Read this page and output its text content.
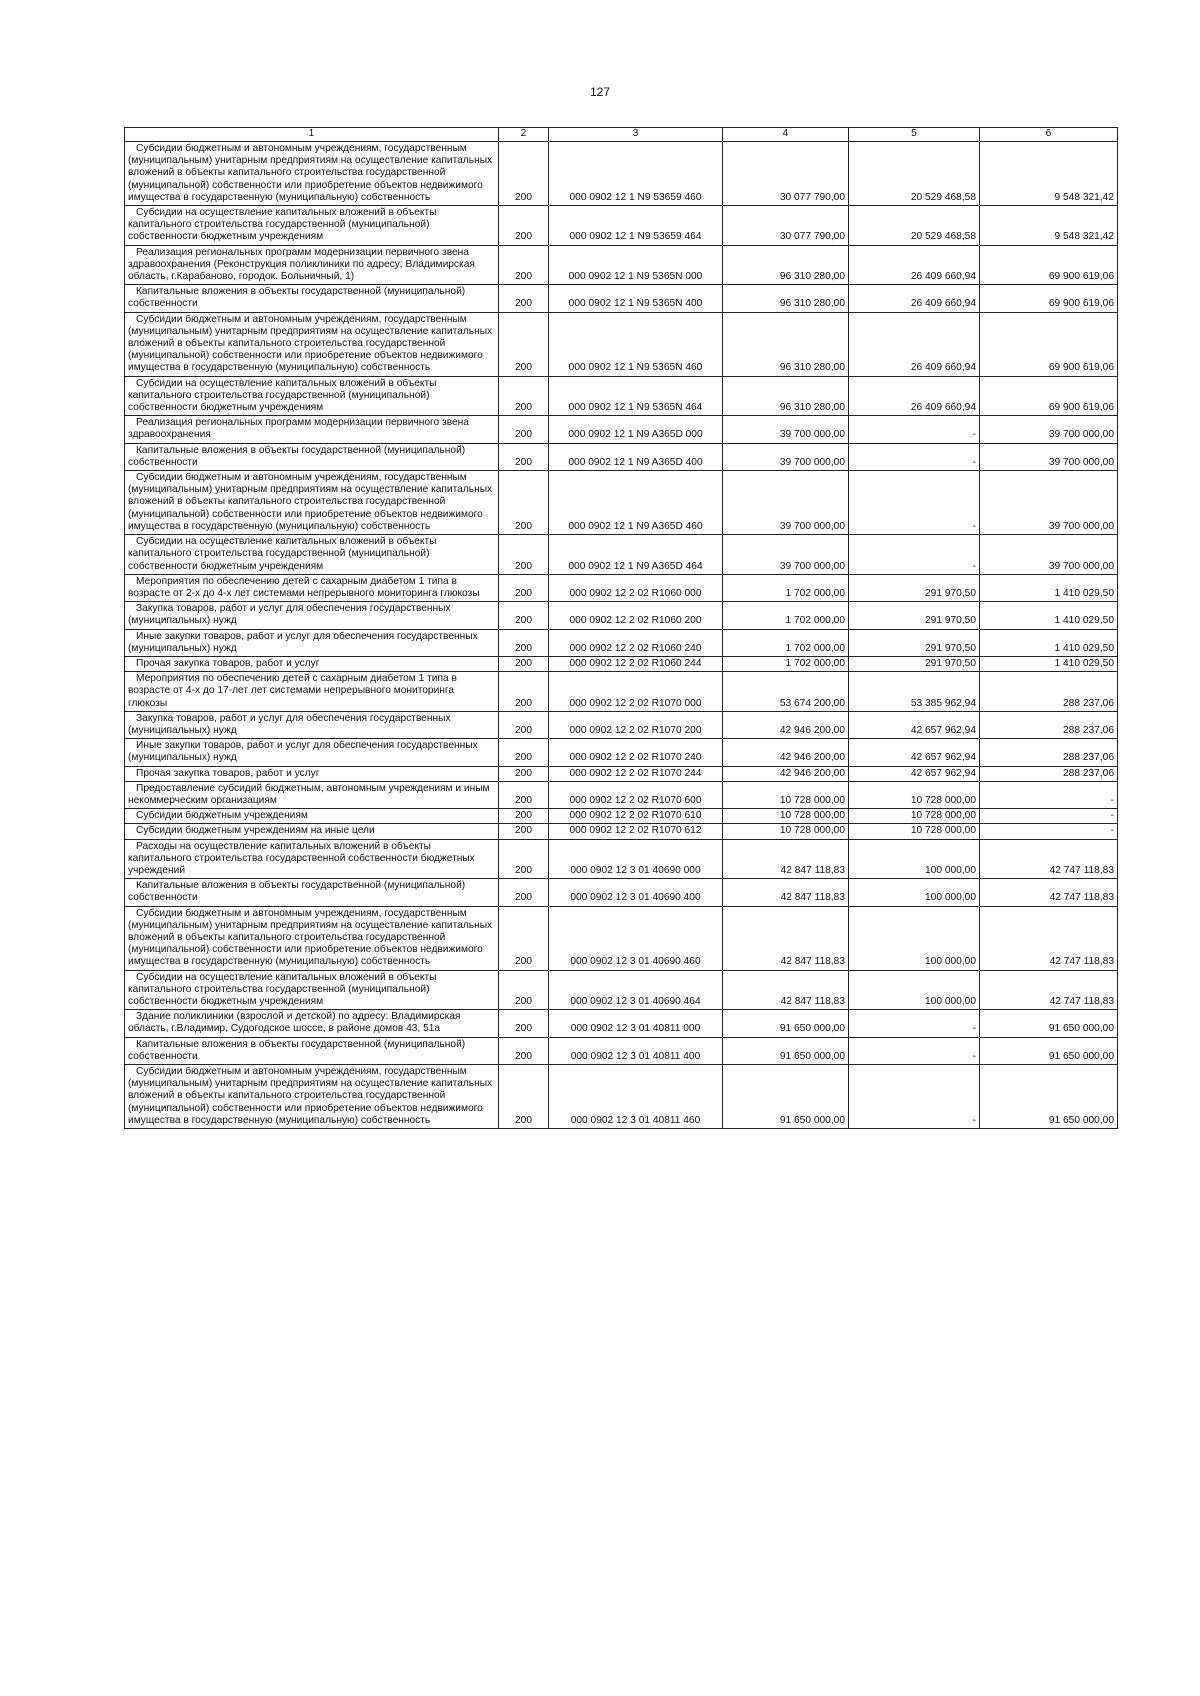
127
1	2	3	4	5	6

Субсидии бюджетным и автономным учреждениям, государственным (муниципальным) унитарным предприятиям на осуществление капитальных вложений в объекты капитального строительства государственной (муниципальной) собственности или приобретение объектов недвижимого имущества в государственную (муниципальную) собственность	200	000 0902 12 1 N9 53659 460	30 077 790,00	20 529 468,58	9 548 321,42

Субсидии на осуществление капитальных вложений в объекты капитального строительства государственной (муниципальной) собственности бюджетным учреждениям	200	000 0902 12 1 N9 53659 464	30 077 790,00	20 529 468,58	9 548 321,42

Реализация региональных программ модернизации первичного звена здравоохранения (Реконструкция поликлиники по адресу: Владимирская область, г.Карабаново, городок. Больничный, 1)	200	000 0902 12 1 N9 5365N 000	96 310 280,00	26 409 660,94	69 900 619,06

Капитальные вложения в объекты государственной (муниципальной) собственности	200	000 0902 12 1 N9 5365N 400	96 310 280,00	26 409 660,94	69 900 619,06

Субсидии бюджетным и автономным учреждениям, государственным (муниципальным) унитарным предприятиям на осуществление капитальных вложений в объекты капитального строительства государственной (муниципальной) собственности или приобретение объектов недвижимого имущества в государственную (муниципальную) собственность	200	000 0902 12 1 N9 5365N 460	96 310 280,00	26 409 660,94	69 900 619,06

Субсидии на осуществление капитальных вложений в объекты капитального строительства государственной (муниципальной) собственности бюджетным учреждениям	200	000 0902 12 1 N9 5365N 464	96 310 280,00	26 409 660,94	69 900 619,06

Реализация региональных программ модернизации первичного звена здравоохранения	200	000 0902 12 1 N9 A365D 000	39 700 000,00	-	39 700 000,00

Капитальные вложения в объекты государственной (муниципальной) собственности	200	000 0902 12 1 N9 A365D 400	39 700 000,00	-	39 700 000,00

Субсидии бюджетным и автономным учреждениям, государственным (муниципальным) унитарным предприятиям на осуществление капитальных вложений в объекты капитального строительства государственной (муниципальной) собственности или приобретение объектов недвижимого имущества в государственную (муниципальную) собственность	200	000 0902 12 1 N9 A365D 460	39 700 000,00	-	39 700 000,00

Субсидии на осуществление капитальных вложений в объекты капитального строительства государственной (муниципальной) собственности бюджетным учреждениям	200	000 0902 12 1 N9 A365D 464	39 700 000,00	-	39 700 000,00

Мероприятия по обеспечению детей с сахарным диабетом 1 типа в возрасте от 2-х до 4-х лет системами непрерывного мониторинга глюкозы	200	000 0902 12 2 02 R1060 000	1 702 000,00	291 970,50	1 410 029,50

Закупка товаров, работ и услуг для обеспечения государственных (муниципальных) нужд	200	000 0902 12 2 02 R1060 200	1 702 000,00	291 970,50	1 410 029,50

Иные закупки товаров, работ и услуг для обеспечения государственных (муниципальных) нужд	200	000 0902 12 2 02 R1060 240	1 702 000,00	291 970,50	1 410 029,50

Прочая закупка товаров, работ и услуг	200	000 0902 12 2 02 R1060 244	1 702 000,00	291 970,50	1 410 029,50

Мероприятия по обеспечению детей с сахарным диабетом 1 типа в возрасте от 4-х до 17-лет лет системами непрерывного мониторинга глюкозы	200	000 0902 12 2 02 R1070 000	53 674 200,00	53 385 962,94	288 237,06

Закупка товаров, работ и услуг для обеспечения государственных (муниципальных) нужд	200	000 0902 12 2 02 R1070 200	42 946 200,00	42 657 962,94	288 237,06

Иные закупки товаров, работ и услуг для обеспечения государственных (муниципальных) нужд	200	000 0902 12 2 02 R1070 240	42 946 200,00	42 657 962,94	288 237,06

Прочая закупка товаров, работ и услуг	200	000 0902 12 2 02 R1070 244	42 946 200,00	42 657 962,94	288 237,06

Предоставление субсидий бюджетным, автономным учреждениям и иным некоммерческим организациям	200	000 0902 12 2 02 R1070 600	10 728 000,00	10 728 000,00	-

Субсидии бюджетным учреждениям	200	000 0902 12 2 02 R1070 610	10 728 000,00	10 728 000,00	-

Субсидии бюджетным учреждениям на иные цели	200	000 0902 12 2 02 R1070 612	10 728 000,00	10 728 000,00	-

Расходы на осуществление капитальных вложений в объекты капитального строительства государственной собственности бюджетных учреждений	200	000 0902 12 3 01 40690 000	42 847 118,83	100 000,00	42 747 118,83

Капитальные вложения в объекты государственной (муниципальной) собственности	200	000 0902 12 3 01 40690 400	42 847 118,83	100 000,00	42 747 118,83

Субсидии бюджетным и автономным учреждениям, государственным (муниципальным) унитарным предприятиям на осуществление капитальных вложений в объекты капитального строительства государственной (муниципальной) собственности или приобретение объектов недвижимого имущества в государственную (муниципальную) собственность	200	000 0902 12 3 01 40690 460	42 847 118,83	100 000,00	42 747 118,83

Субсидии на осуществление капитальных вложений в объекты капитального строительства государственной (муниципальной) собственности бюджетным учреждениям	200	000 0902 12 3 01 40690 464	42 847 118,83	100 000,00	42 747 118,83

Здание поликлиники (взрослой и детской) по адресу: Владимирская область, г.Владимир, Судогодское шоссе, в районе домов 43, 51а	200	000 0902 12 3 01 40811 000	91 650 000,00	-	91 650 000,00

Капитальные вложения в объекты государственной (муниципальной) собственности	200	000 0902 12 3 01 40811 400	91 650 000,00	-	91 650 000,00

Субсидии бюджетным и автономным учреждениям, государственным (муниципальным) унитарным предприятиям на осуществление капитальных вложений в объекты капитального строительства государственной (муниципальной) собственности или приобретение объектов недвижимого имущества в государственную (муниципальную) собственность	200	000 0902 12 3 01 40811 460	91 650 000,00	-	91 650 000,00
